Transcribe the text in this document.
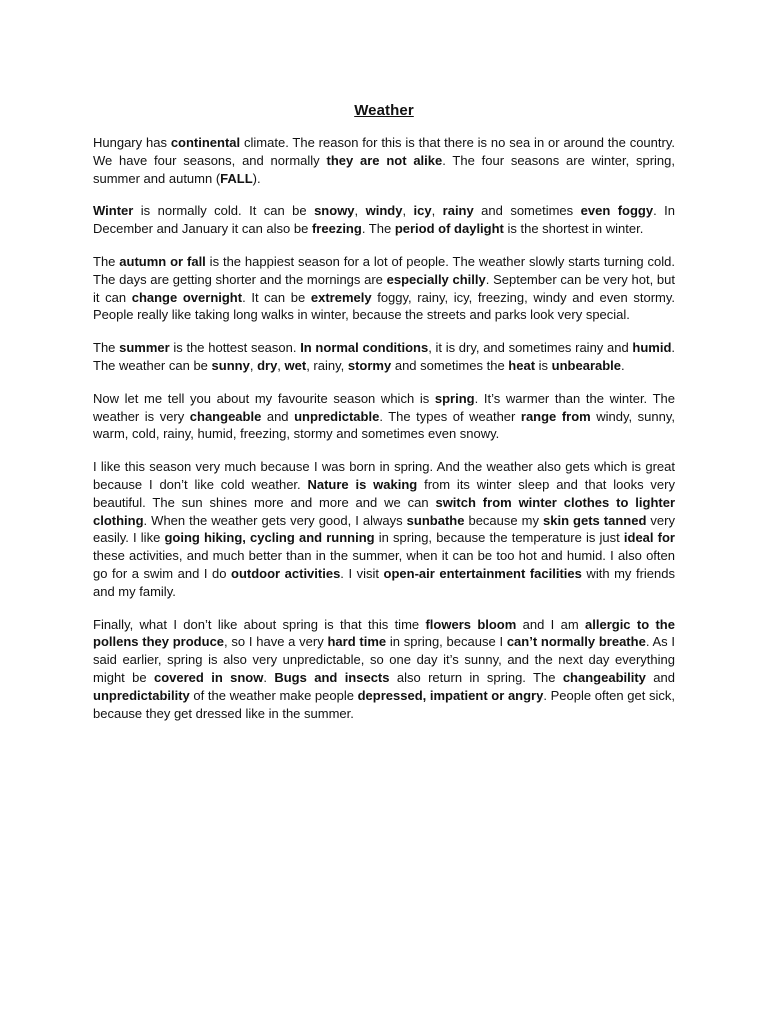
Weather

Hungary has continental climate. The reason for this is that there is no sea in or around the country. We have four seasons, and normally they are not alike. The four seasons are winter, spring, summer and autumn (FALL).

Winter is normally cold. It can be snowy, windy, icy, rainy and sometimes even foggy. In December and January it can also be freezing. The period of daylight is the shortest in winter.

The autumn or fall is the happiest season for a lot of people. The weather slowly starts turning cold. The days are getting shorter and the mornings are especially chilly. September can be very hot, but it can change overnight. It can be extremely foggy, rainy, icy, freezing, windy and even stormy. People really like taking long walks in winter, because the streets and parks look very special.

The summer is the hottest season. In normal conditions, it is dry, and sometimes rainy and humid. The weather can be sunny, dry, wet, rainy, stormy and sometimes the heat is unbearable.

Now let me tell you about my favourite season which is spring. It’s warmer than the winter. The weather is very changeable and unpredictable. The types of weather range from windy, sunny, warm, cold, rainy, humid, freezing, stormy and sometimes even snowy.

I like this season very much because I was born in spring. And the weather also gets which is great because I don’t like cold weather. Nature is waking from its winter sleep and that looks very beautiful. The sun shines more and more and we can switch from winter clothes to lighter clothing. When the weather gets very good, I always sunbathe because my skin gets tanned very easily. I like going hiking, cycling and running in spring, because the temperature is just ideal for these activities, and much better than in the summer, when it can be too hot and humid. I also often go for a swim and I do outdoor activities. I visit open-air entertainment facilities with my friends and my family.

Finally, what I don’t like about spring is that this time flowers bloom and I am allergic to the pollens they produce, so I have a very hard time in spring, because I can’t normally breathe. As I said earlier, spring is also very unpredictable, so one day it’s sunny, and the next day everything might be covered in snow. Bugs and insects also return in spring. The changeability and unpredictability of the weather make people depressed, impatient or angry. People often get sick, because they get dressed like in the summer.
